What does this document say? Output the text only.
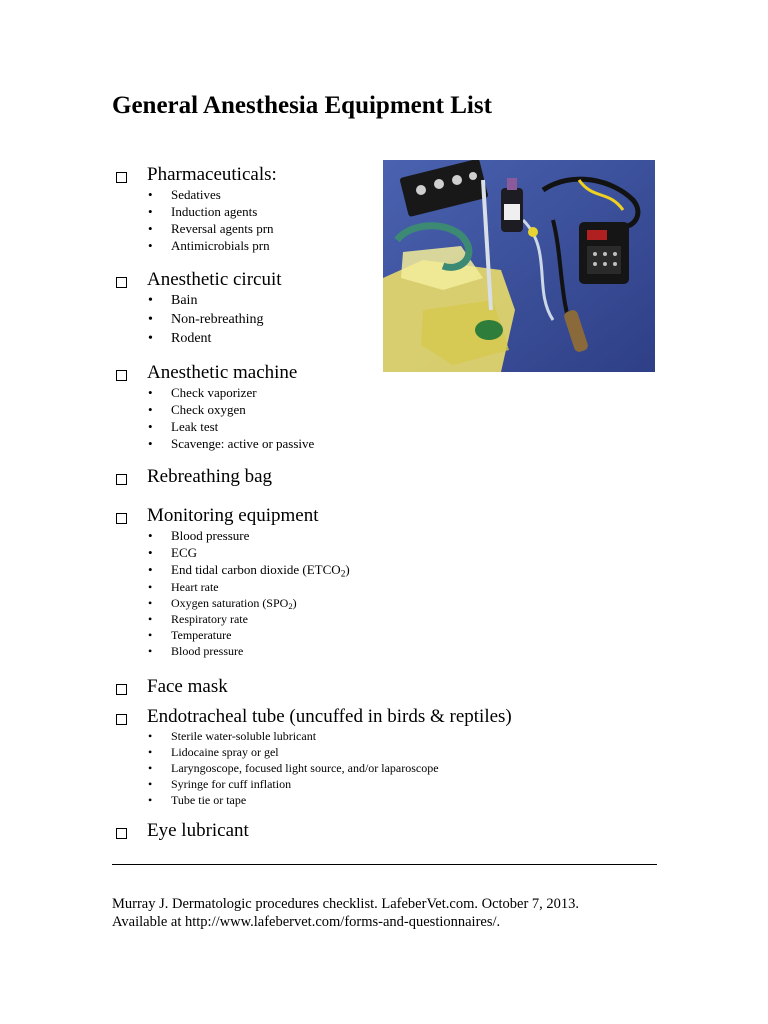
General Anesthesia Equipment List
Pharmaceuticals:
• Sedatives
• Induction agents
• Reversal agents prn
• Antimicrobials prn
Anesthetic circuit
• Bain
• Non-rebreathing
• Rodent
Anesthetic machine
• Check vaporizer
• Check oxygen
• Leak test
• Scavenge: active or passive
Rebreathing bag
Monitoring equipment
• Blood pressure
• ECG
• End tidal carbon dioxide $(ETCO_2)$
• Heart rate
• Oxygen saturation $(SPO_2)$
• Respiratory rate
• Temperature
• Blood pressure
Face mask
Endotracheal tube (uncuffed in birds & reptiles)
• Sterile water-soluble lubricant
• Lidocaine spray or gel
• Laryngoscope, focused light source, and/or laparoscope
• Syringe for cuff inflation
• Tube tie or tape
Eye lubricant
Murray J. Dermatologic procedures checklist. LafeberVet.com. October 7, 2013.
Available at http://www.lafebervet.com/forms-and-questionnaires/.
